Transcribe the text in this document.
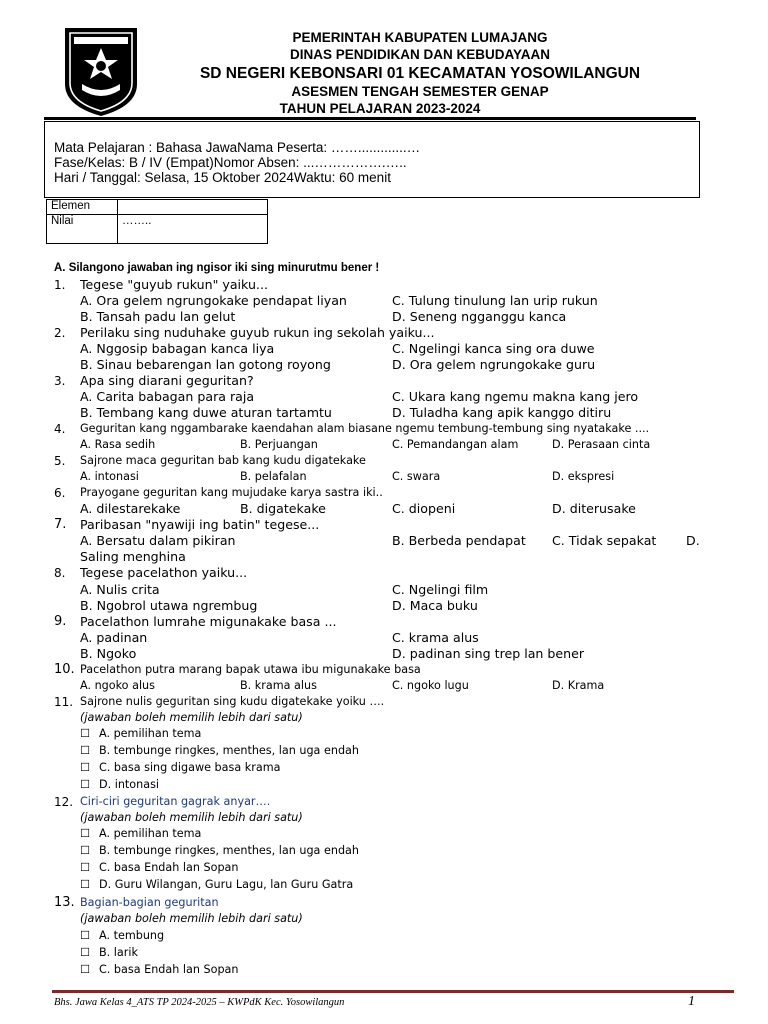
PEMERINTAH KABUPATEN LUMAJANG
DINAS PENDIDIKAN DAN KEBUDAYAAN
SD NEGERI KEBONSARI 01 KECAMATAN YOSOWILANGUN
ASESMEN TENGAH SEMESTER GENAP
TAHUN PELAJARAN 2023-2024
Mata Pelajaran : Bahasa JawaNama Peserta: …….............…
Fase/Kelas: B / IV (Empat)Nomor Absen: ...…………….…..
Hari / Tanggal: Selasa, 15 Oktober 2024Waktu: 60 menit
Elemen	
Nilai	……..
A. Silangono jawaban ing ngisor iki sing minurutmu bener !
1. Tegese "guyub rukun" yaiku...
A. Ora gelem ngrungokake pendapat liyan	C. Tulung tinulung lan urip rukun
B. Tansah padu lan gelut	D. Seneng ngganggu kanca
2. Perilaku sing nuduhake guyub rukun ing sekolah yaiku...
A. Nggosip babagan kanca liya	C. Ngelingi kanca sing ora duwe
B. Sinau bebarengan lan gotong royong	D. Ora gelem ngrungokake guru
3. Apa sing diarani geguritan?
A. Carita babagan para raja	C. Ukara kang ngemu makna kang jero
B. Tembang kang duwe aturan tartamtu	D. Tuladha kang apik kanggo ditiru
4. Geguritan kang nggambarake kaendahan alam biasane ngemu tembung-tembung sing nyatakake ....
A. Rasa sedih	B. Perjuangan	C. Pemandangan alam	D. Perasaan cinta
5. Sajrone maca geguritan bab kang kudu digatekake
A. intonasi	B. pelafalan	C. swara	D. ekspresi
6. Prayogane geguritan kang mujudake karya sastra iki..
A. dilestarekake	B. digatekake	C. diopeni	D. diterusake
7. Paribasan "nyawiji ing batin" tegese...
A. Bersatu dalam pikiran	B. Berbeda pendapat C. Tidak sepakat D.
Saling menghina
8. Tegese pacelathon yaiku...
A. Nulis crita	C. Ngelingi film
B. Ngobrol utawa ngrembug	D. Maca buku
9. Pacelathon lumrahe migunakake basa ...
A. padinan	C. krama alus
B. Ngoko	D. padinan sing trep lan bener
10. Pacelathon putra marang bapak utawa ibu migunakake basa
A. ngoko alus	B. krama alus	C. ngoko lugu	D. Krama
11. Sajrone nulis geguritan sing kudu digatekake yoiku ….
(jawaban boleh memilih lebih dari satu)
☐ A. pemilihan tema
☐ B. tembunge ringkes, menthes, lan uga endah
☐ C. basa sing digawe basa krama
☐ D. intonasi
12. Ciri-ciri geguritan gagrak anyar….
(jawaban boleh memilih lebih dari satu)
☐ A. pemilihan tema
☐ B. tembunge ringkes, menthes, lan uga endah
☐ C. basa Endah lan Sopan
☐ D. Guru Wilangan, Guru Lagu, lan Guru Gatra
13. Bagian-bagian geguritan
(jawaban boleh memilih lebih dari satu)
☐ A. tembung
☐ B. larik
☐ C. basa Endah lan Sopan
Bhs. Jawa Kelas 4_ATS TP 2024-2025 – KWPdK Kec. Yosowilangun	1
